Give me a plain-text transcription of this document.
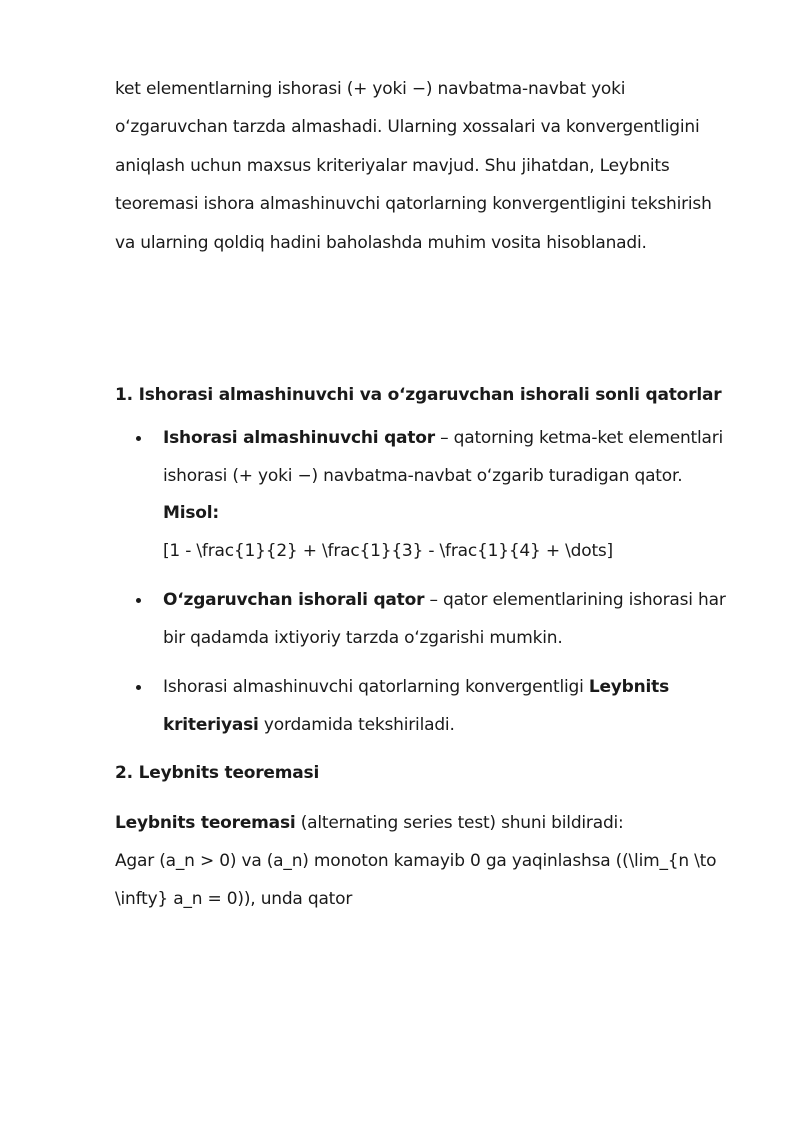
ket elementlarning ishorasi (+ yoki −) navbatma-navbat yoki o‘zgaruvchan tarzda almashadi. Ularning xossalari va konvergentligini aniqlash uchun maxsus kriteriyalar mavjud. Shu jihatdan, Leybnits teoremasi ishora almashinuvchi qatorlarning konvergentligini tekshirish va ularning qoldiq hadini baholashda muhim vosita hisoblanadi.

1. Ishorasi almashinuvchi va o‘zgaruvchan ishorali sonli qatorlar

Ishorasi almashinuvchi qator – qatorning ketma-ket elementlari ishorasi (+ yoki −) navbatma-navbat o‘zgarib turadigan qator.
Misol:
[1 - \frac{1}{2} + \frac{1}{3} - \frac{1}{4} + \dots]
O‘zgaruvchan ishorali qator – qator elementlarining ishorasi har bir qadamda ixtiyoriy tarzda o‘zgarishi mumkin.
Ishorasi almashinuvchi qatorlarning konvergentligi Leybnits kriteriyasi yordamida tekshiriladi.

2. Leybnits teoremasi

Leybnits teoremasi (alternating series test) shuni bildiradi:
Agar (a_n > 0) va (a_n) monoton kamayib 0 ga yaqinlashsa ((\lim_{n \to \infty} a_n = 0)), unda qator
